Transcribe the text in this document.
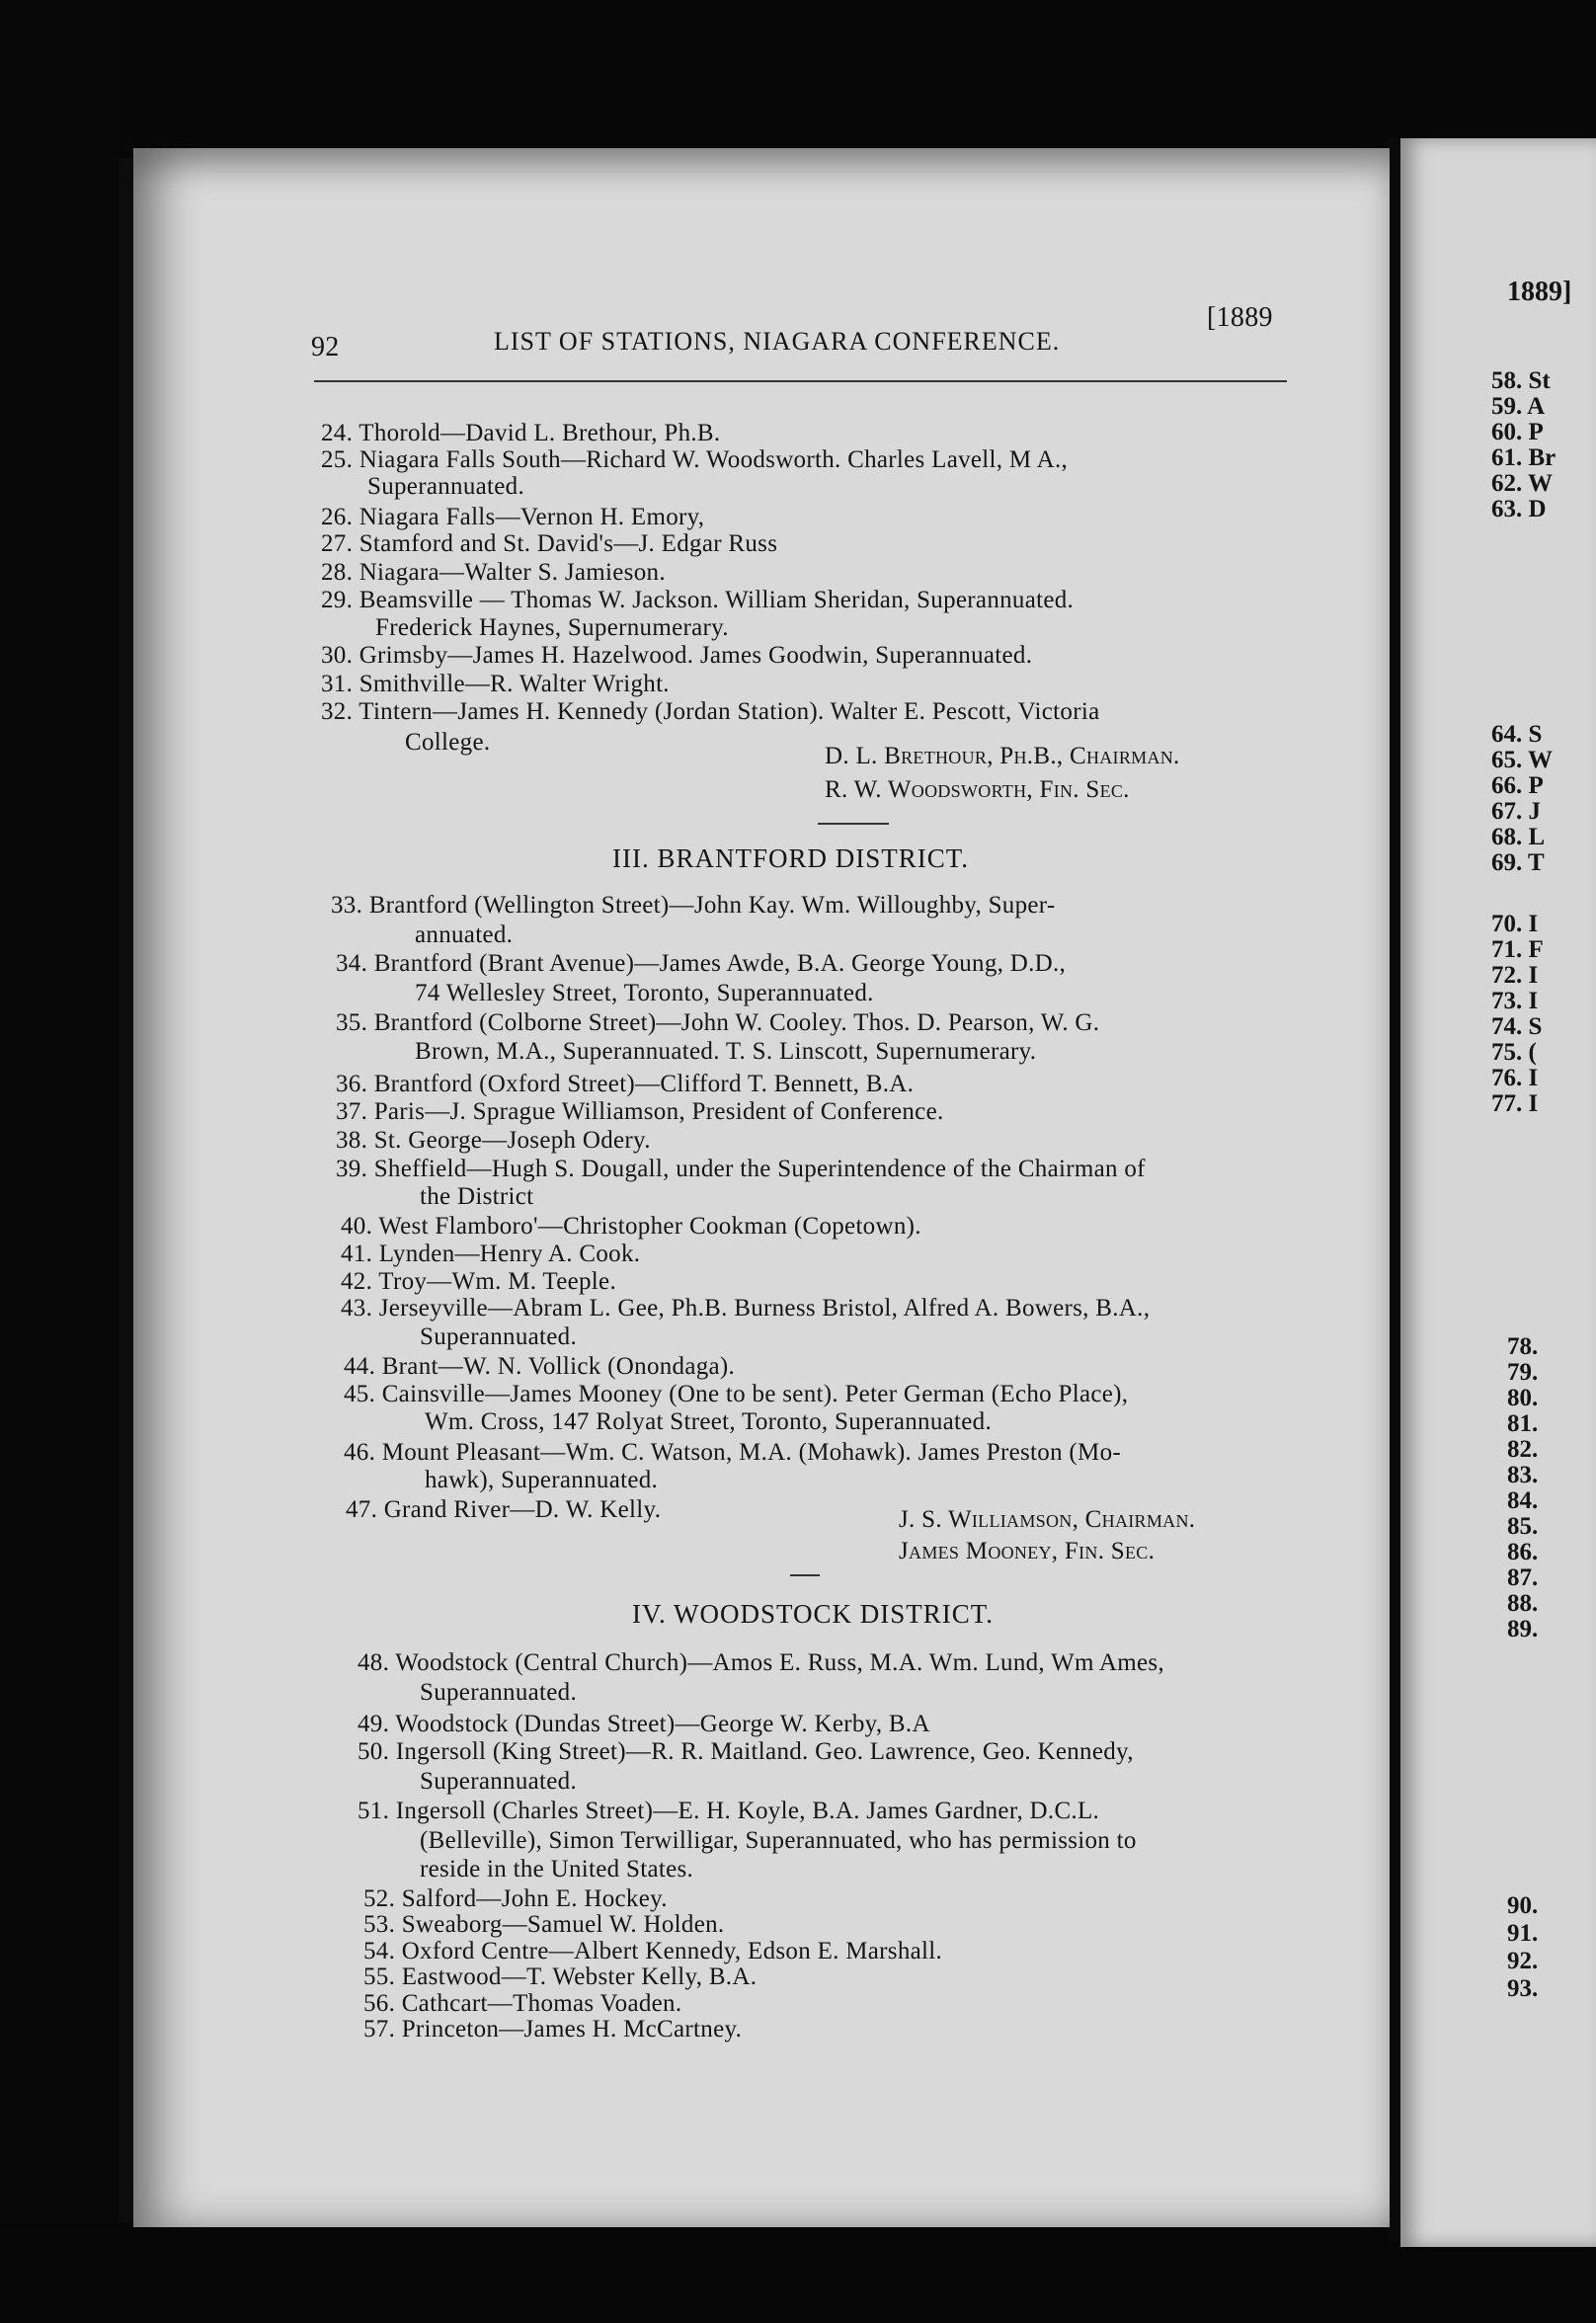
92	LIST OF STATIONS, NIAGARA CONFERENCE.
[1889
24. Thorold—David L. Brethour, Ph.B.
25. Niagara Falls South—Richard W. Woodsworth. Charles Lavell, M A.,
Superannuated.
26. Niagara Falls—Vernon H. Emory,
27. Stamford and St. David's—J. Edgar Russ
28. Niagara—Walter S. Jamieson.
29. Beamsville — Thomas W. Jackson. William Sheridan, Superannuated.
Frederick Haynes, Supernumerary.
30. Grimsby—James H. Hazelwood. James Goodwin, Superannuated.
31. Smithville—R. Walter Wright.
32. Tintern—James H. Kennedy (Jordan Station). Walter E. Pescott, Victoria
College.
D. L. Brethour, Ph.B., Chairman.
R. W. Woodsworth, Fin. Sec.
III. BRANTFORD DISTRICT.
33. Brantford (Wellington Street)—John Kay. Wm. Willoughby, Super-
annuated.
34. Brantford (Brant Avenue)—James Awde, B.A. George Young, D.D.,
74 Wellesley Street, Toronto, Superannuated.
35. Brantford (Colborne Street)—John W. Cooley. Thos. D. Pearson, W. G.
Brown, M.A., Superannuated. T. S. Linscott, Supernumerary.
36. Brantford (Oxford Street)—Clifford T. Bennett, B.A.
37. Paris—J. Sprague Williamson, President of Conference.
38. St. George—Joseph Odery.
39. Sheffield—Hugh S. Dougall, under the Superintendence of the Chairman of
the District
40. West Flamboro'—Christopher Cookman (Copetown).
41. Lynden—Henry A. Cook.
42. Troy—Wm. M. Teeple.
43. Jerseyville—Abram L. Gee, Ph.B. Burness Bristol, Alfred A. Bowers, B.A.,
Superannuated.
44. Brant—W. N. Vollick (Onondaga).
45. Cainsville—James Mooney (One to be sent). Peter German (Echo Place),
Wm. Cross, 147 Rolyat Street, Toronto, Superannuated.
46. Mount Pleasant—Wm. C. Watson, M.A. (Mohawk). James Preston (Mo-
hawk), Superannuated.
47. Grand River—D. W. Kelly.	J. S. Williamson, Chairman.
James Mooney, Fin. Sec.
IV. WOODSTOCK DISTRICT.
48. Woodstock (Central Church)—Amos E. Russ, M.A. Wm. Lund, Wm Ames,
Superannuated.
49. Woodstock (Dundas Street)—George W. Kerby, B.A
50. Ingersoll (King Street)—R. R. Maitland. Geo. Lawrence, Geo. Kennedy,
Superannuated.
51. Ingersoll (Charles Street)—E. H. Koyle, B.A. James Gardner, D.C.L.
(Belleville), Simon Terwilligar, Superannuated, who has permission to
reside in the United States.
52. Salford—John E. Hockey.
53. Sweaborg—Samuel W. Holden.
54. Oxford Centre—Albert Kennedy, Edson E. Marshall.
55. Eastwood—T. Webster Kelly, B.A.
56. Cathcart—Thomas Voaden.
57. Princeton—James H. McCartney.
1889]
58. St
59. A
60. P
61. Br
62. W
63. D
64. S
65. W
66. P
67. J
68. L
69. T
70. I
71. F
72. I
73. I
74. S
75. (
76. I
77. I
78.
79.
80.
81.
82.
83.
84.
85.
86.
87.
88.
89.
90.
91.
92.
93.
